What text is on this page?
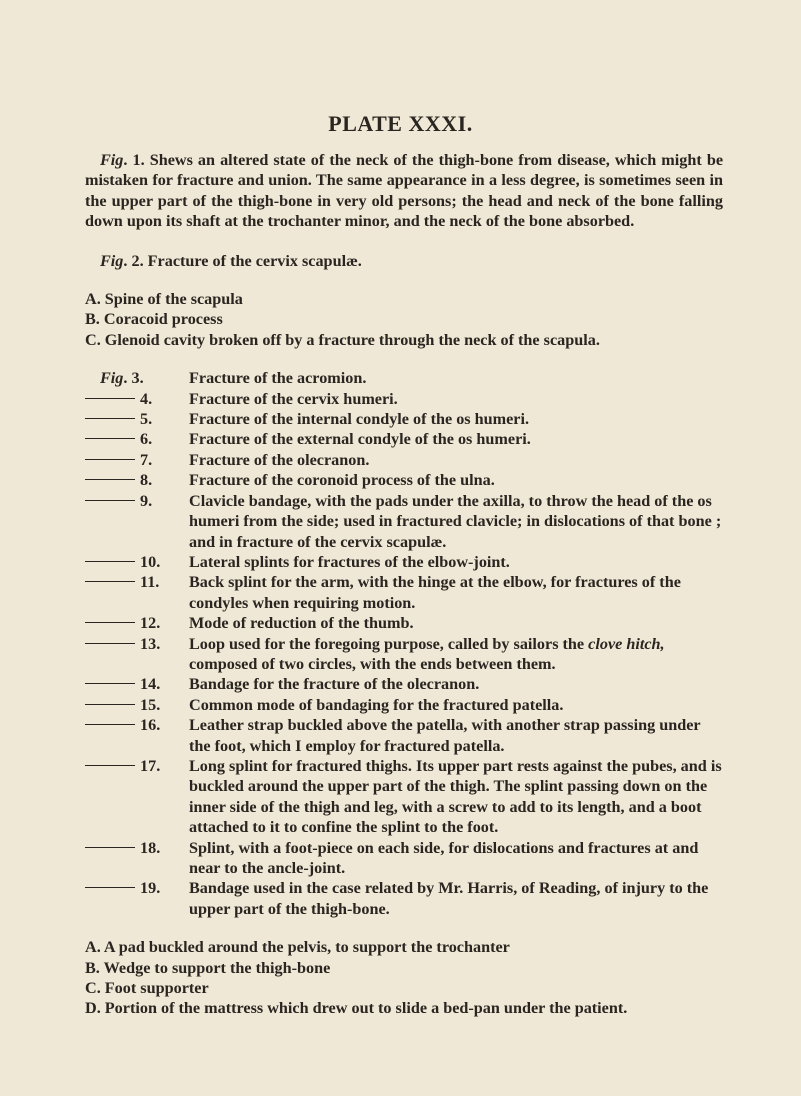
PLATE XXXI.

Fig. 1. Shews an altered state of the neck of the thigh-bone from disease, which might be mistaken for fracture and union. The same appearance in a less degree, is sometimes seen in the upper part of the thigh-bone in very old persons; the head and neck of the bone falling down upon its shaft at the trochanter minor, and the neck of the bone absorbed.

Fig. 2. Fracture of the cervix scapulæ.

A. Spine of the scapula
B. Coracoid process
C. Glenoid cavity broken off by a fracture through the neck of the scapula.
Fig . 3.	Fracture of the acromion.
4. Fracture of the cervix humeri.
5. Fracture of the internal condyle of the os humeri.
6. Fracture of the external condyle of the os humeri.
7. Fracture of the olecranon.
8. Fracture of the coronoid process of the ulna.
9. Clavicle bandage, with the pads under the axilla, to throw the head of the os humeri from the side; used in fractured clavicle; in dislocations of that bone ; and in fracture of the cervix scapulæ.
10. Lateral splints for fractures of the elbow-joint.
11. Back splint for the arm, with the hinge at the elbow, for fractures of the condyles when requiring motion.
12. Mode of reduction of the thumb.
13. Loop used for the foregoing purpose, called by sailors the clove hitch, composed of two circles, with the ends between them.
14. Bandage for the fracture of the olecranon.
15. Common mode of bandaging for the fractured patella.
16. Leather strap buckled above the patella, with another strap passing under the foot, which I employ for fractured patella.
17. Long splint for fractured thighs. Its upper part rests against the pubes, and is buckled around the upper part of the thigh. The splint passing down on the inner side of the thigh and leg, with a screw to add to its length, and a boot attached to it to confine the splint to the foot.
18. Splint, with a foot-piece on each side, for dislocations and fractures at and near to the ancle-joint.
19. Bandage used in the case related by Mr. Harris, of Reading, of injury to the upper part of the thigh-bone.
A. A pad buckled around the pelvis, to support the trochanter
B. Wedge to support the thigh-bone
C. Foot supporter
D. Portion of the mattress which drew out to slide a bed-pan under the patient.
